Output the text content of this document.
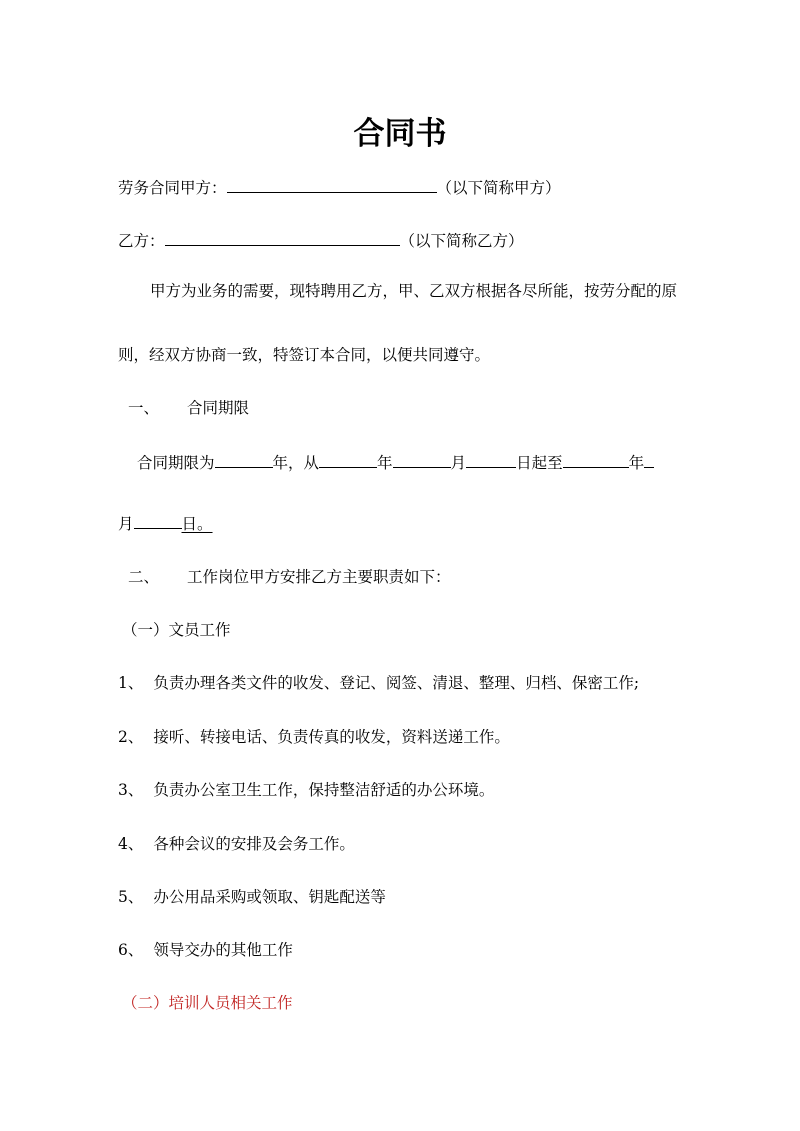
合同书
劳务合同甲方：	（以下简称甲方）
乙方：	（以下简称乙方）
甲方为业务的需要，现特聘用乙方，甲、乙双方根据各尽所能，按劳分配的原
则，经双方协商一致，特签订本合同，以便共同遵守。
一、 合同期限
合同期限为	年，从	年	月	日起至	年
月	日。
二、 工作岗位甲方安排乙方主要职责如下：
（一）文员工作
1、 负责办理各类文件的收发、登记、阅签、清退、整理、归档、保密工作;
2、 接听、转接电话、负责传真的收发，资料送递工作。
3、 负责办公室卫生工作，保持整洁舒适的办公环境。
4、 各种会议的安排及会务工作。
5、 办公用品采购或领取、钥匙配送等
6、 领导交办的其他工作
（二）培训人员相关工作
